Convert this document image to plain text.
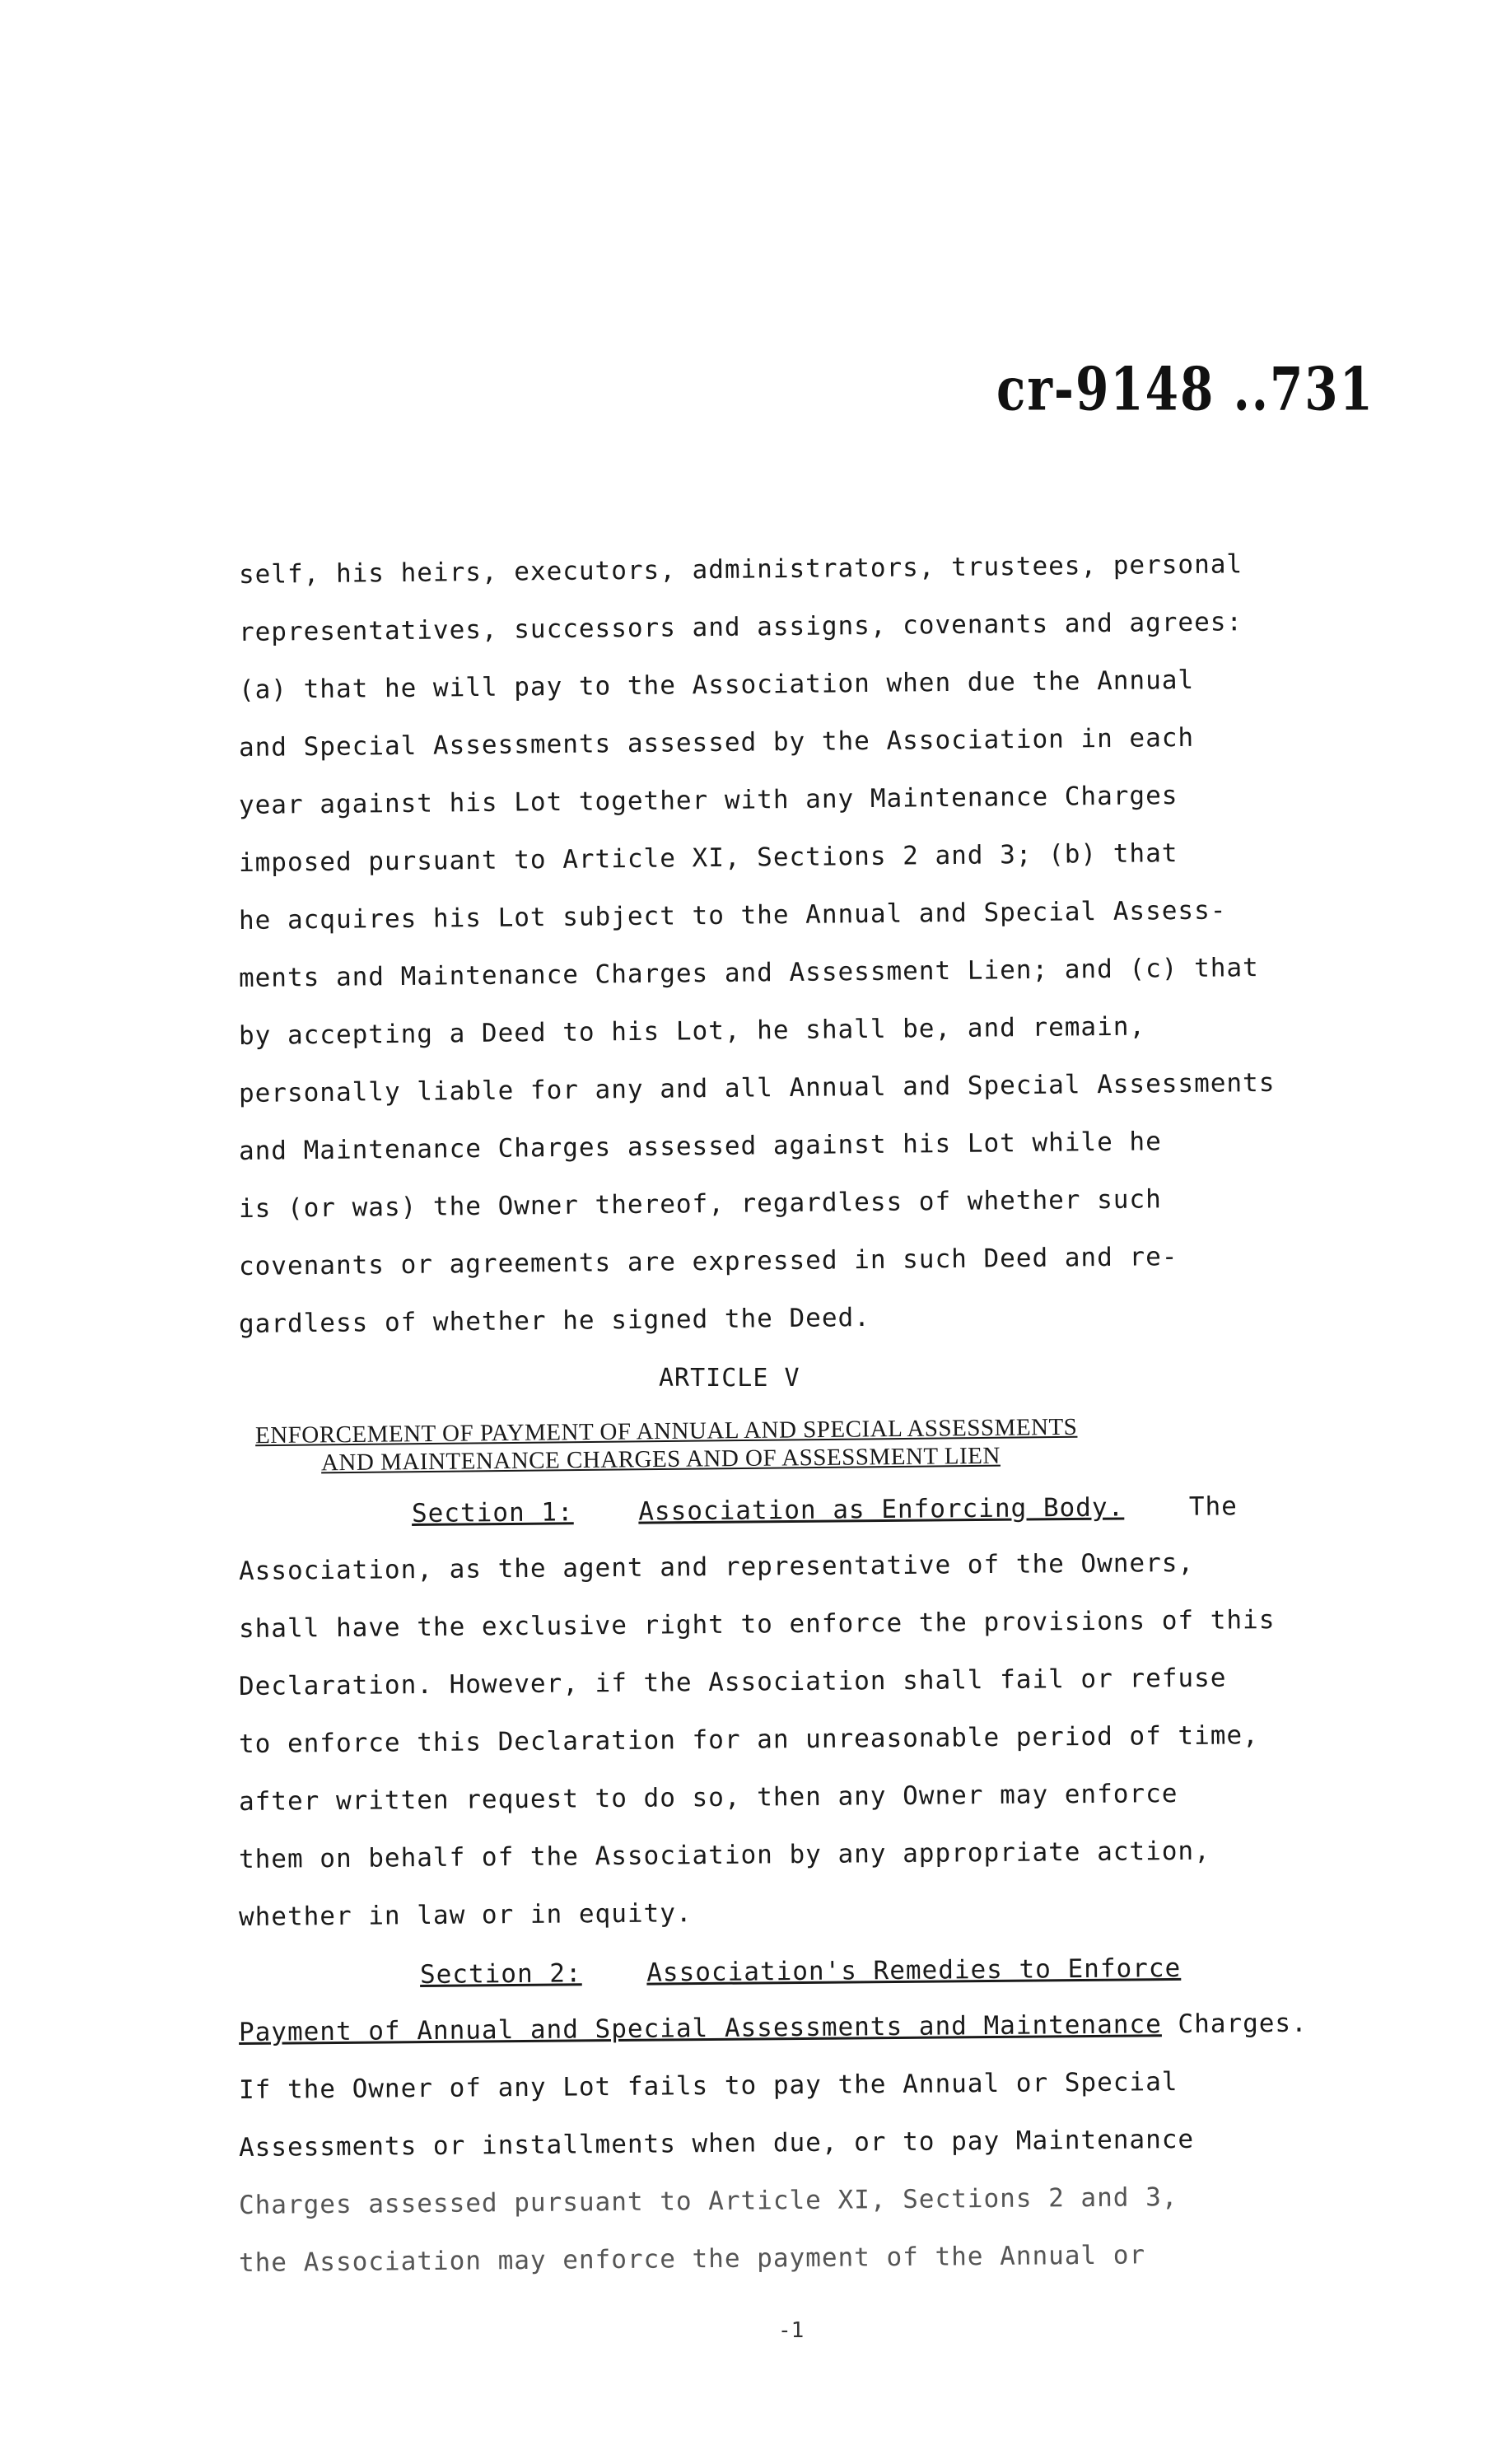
cr-9148 ..731
self, his heirs, executors, administrators, trustees, personal
representatives, successors and assigns, covenants and agrees:
(a) that he will pay to the Association when due the Annual
and Special Assessments assessed by the Association in each
year against his Lot together with any Maintenance Charges
imposed pursuant to Article XI, Sections 2 and 3; (b) that
he acquires his Lot subject to the Annual and Special Assess-
ments and Maintenance Charges and Assessment Lien; and (c) that
by accepting a Deed to his Lot, he shall be, and remain,
personally liable for any and all Annual and Special Assessments
and Maintenance Charges assessed against his Lot while he
is (or was) the Owner thereof, regardless of whether such
covenants or agreements are expressed in such Deed and re-
gardless of whether he signed the Deed.
ARTICLE V
ENFORCEMENT OF PAYMENT OF ANNUAL AND SPECIAL ASSESSMENTS
AND MAINTENANCE CHARGES AND OF ASSESSMENT LIEN
Section 1:	Association as Enforcing Body.	The
Association, as the agent and representative of the Owners,
shall have the exclusive right to enforce the provisions of this
Declaration. However, if the Association shall fail or refuse
to enforce this Declaration for an unreasonable period of time,
after written request to do so, then any Owner may enforce
them on behalf of the Association by any appropriate action,
whether in law or in equity.
Section 2:	Association's Remedies to Enforce
Payment of Annual and Special Assessments and Maintenance Charges.
If the Owner of any Lot fails to pay the Annual or Special
Assessments or installments when due, or to pay Maintenance
Charges assessed pursuant to Article XI, Sections 2 and 3,
the Association may enforce the payment of the Annual or
-1
